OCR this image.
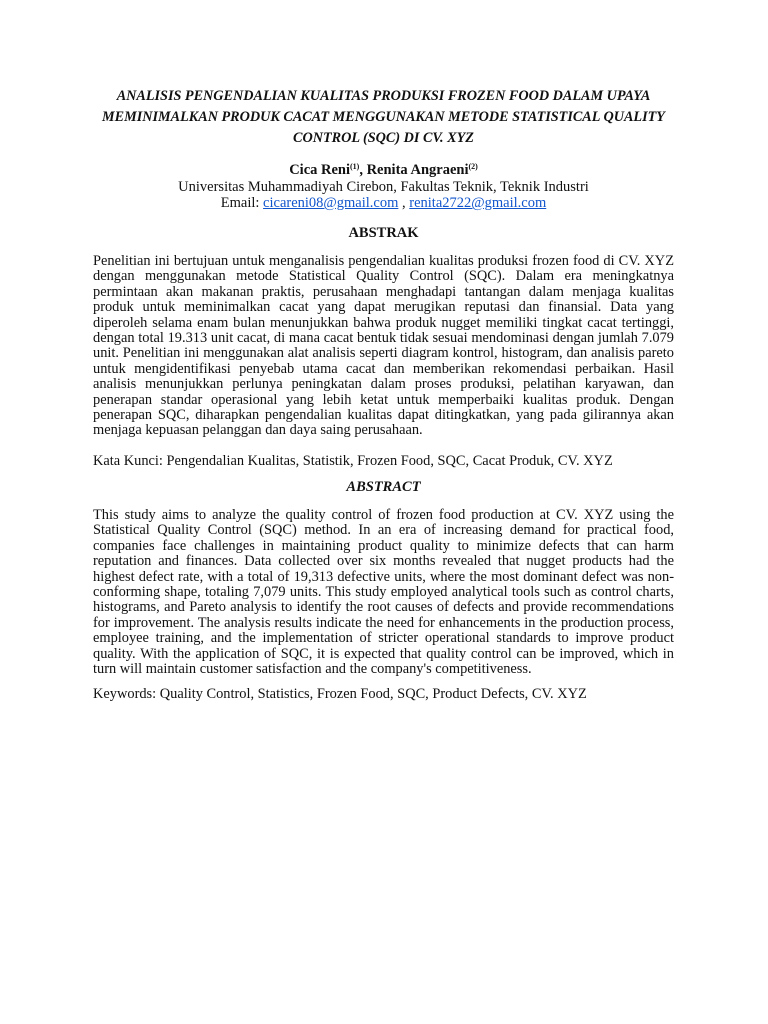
ANALISIS PENGENDALIAN KUALITAS PRODUKSI FROZEN FOOD DALAM UPAYA MEMINIMALKAN PRODUK CACAT MENGGUNAKAN METODE STATISTICAL QUALITY CONTROL (SQC) DI CV. XYZ

Cica Reni$^{(1)}$, Renita Angraeni$^{(2)}$

Universitas Muhammadiyah Cirebon, Fakultas Teknik, Teknik Industri

Email: cicareni08@gmail.com , renita2722@gmail.com

ABSTRAK

Penelitian ini bertujuan untuk menganalisis pengendalian kualitas produksi frozen food di CV. XYZ dengan menggunakan metode Statistical Quality Control (SQC). Dalam era meningkatnya permintaan akan makanan praktis, perusahaan menghadapi tantangan dalam menjaga kualitas produk untuk meminimalkan cacat yang dapat merugikan reputasi dan finansial. Data yang diperoleh selama enam bulan menunjukkan bahwa produk nugget memiliki tingkat cacat tertinggi, dengan total 19.313 unit cacat, di mana cacat bentuk tidak sesuai mendominasi dengan jumlah 7.079 unit. Penelitian ini menggunakan alat analisis seperti diagram kontrol, histogram, dan analisis pareto untuk mengidentifikasi penyebab utama cacat dan memberikan rekomendasi perbaikan. Hasil analisis menunjukkan perlunya peningkatan dalam proses produksi, pelatihan karyawan, dan penerapan standar operasional yang lebih ketat untuk memperbaiki kualitas produk. Dengan penerapan SQC, diharapkan pengendalian kualitas dapat ditingkatkan, yang pada gilirannya akan menjaga kepuasan pelanggan dan daya saing perusahaan.

Kata Kunci: Pengendalian Kualitas, Statistik, Frozen Food, SQC, Cacat Produk, CV. XYZ

ABSTRACT

This study aims to analyze the quality control of frozen food production at CV. XYZ using the Statistical Quality Control (SQC) method. In an era of increasing demand for practical food, companies face challenges in maintaining product quality to minimize defects that can harm reputation and finances. Data collected over six months revealed that nugget products had the highest defect rate, with a total of 19,313 defective units, where the most dominant defect was non-conforming shape, totaling 7,079 units. This study employed analytical tools such as control charts, histograms, and Pareto analysis to identify the root causes of defects and provide recommendations for improvement. The analysis results indicate the need for enhancements in the production process, employee training, and the implementation of stricter operational standards to improve product quality. With the application of SQC, it is expected that quality control can be improved, which in turn will maintain customer satisfaction and the company's competitiveness.

Keywords: Quality Control, Statistics, Frozen Food, SQC, Product Defects, CV. XYZ
